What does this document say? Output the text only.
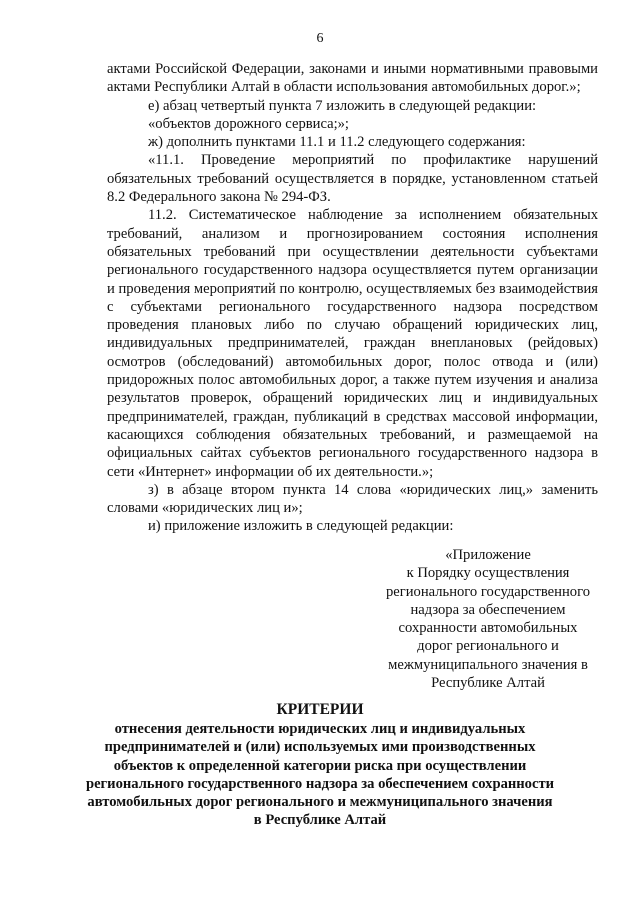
6

актами Российской Федерации, законами и иными нормативными правовыми актами Республики Алтай в области использования автомобильных дорог.»;

е) абзац четвертый пункта 7 изложить в следующей редакции:

«объектов дорожного сервиса;»;

ж) дополнить пунктами 11.1 и 11.2 следующего содержания:

«11.1. Проведение мероприятий по профилактике нарушений обязательных требований осуществляется в порядке, установленном статьей 8.2 Федерального закона № 294-ФЗ.

11.2. Систематическое наблюдение за исполнением обязательных требований, анализом и прогнозированием состояния исполнения обязательных требований при осуществлении деятельности субъектами регионального государственного надзора осуществляется путем организации и проведения мероприятий по контролю, осуществляемых без взаимодействия с субъектами регионального государственного надзора посредством проведения плановых либо по случаю обращений юридических лиц, индивидуальных предпринимателей, граждан внеплановых (рейдовых) осмотров (обследований) автомобильных дорог, полос отвода и (или) придорожных полос автомобильных дорог, а также путем изучения и анализа результатов проверок, обращений юридических лиц и индивидуальных предпринимателей, граждан, публикаций в средствах массовой информации, касающихся соблюдения обязательных требований, и размещаемой на официальных сайтах субъектов регионального государственного надзора в сети «Интернет» информации об их деятельности.»;

з) в абзаце втором пункта 14 слова «юридических лиц,» заменить словами «юридических лиц и»;

и) приложение изложить в следующей редакции:

«Приложение
к Порядку осуществления
регионального государственного
надзора за обеспечением
сохранности автомобильных
дорог регионального и
межмуниципального значения в
Республике Алтай
КРИТЕРИИ
отнесения деятельности юридических лиц и индивидуальных
предпринимателей и (или) используемых ими производственных
объектов к определенной категории риска при осуществлении
регионального государственного надзора за обеспечением сохранности
автомобильных дорог регионального и межмуниципального значения
в Республике Алтай
